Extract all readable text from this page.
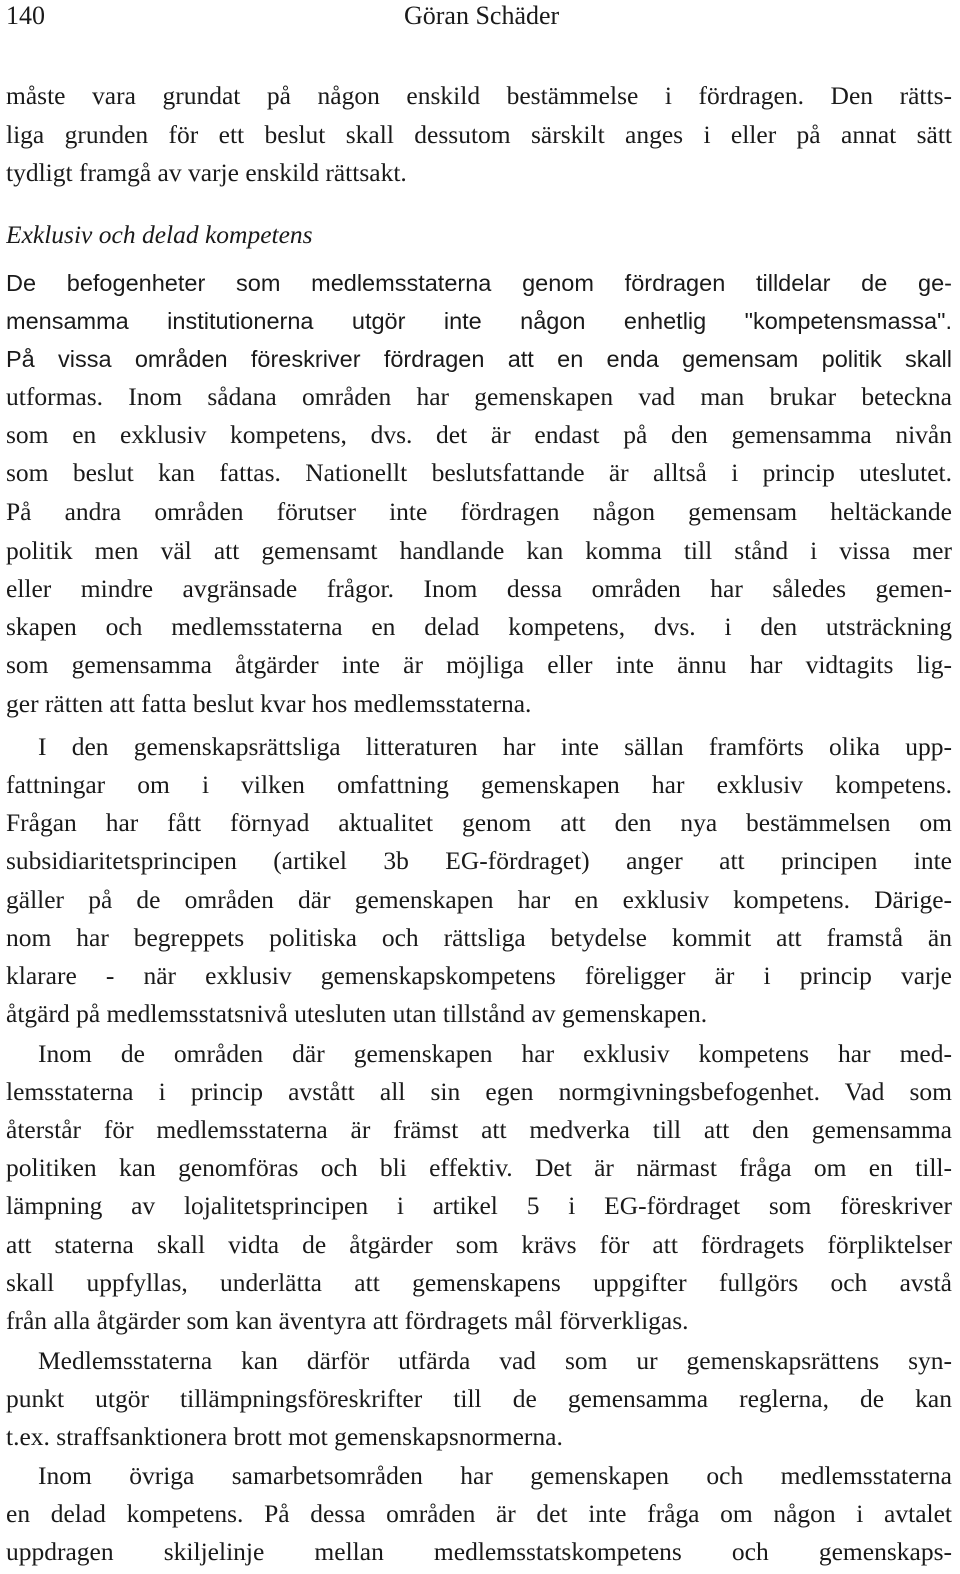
140	Göran Schäder
måste vara grundat på någon enskild bestämmelse i fördragen. Den rätts-
liga grunden för ett beslut skall dessutom särskilt anges i eller på annat sätt
tydligt framgå av varje enskild rättsakt.
Exklusiv och delad kompetens
De befogenheter som medlemsstaterna genom fördragen tilldelar de ge-
mensamma institutionerna utgör inte någon enhetlig "kompetensmassa".
På vissa områden föreskriver fördragen att en enda gemensam politik skall
utformas. Inom sådana områden har gemenskapen vad man brukar beteckna
som en exklusiv kompetens, dvs. det är endast på den gemensamma nivån
som beslut kan fattas. Nationellt beslutsfattande är alltså i princip uteslutet.
På andra områden förutser inte fördragen någon gemensam heltäckande
politik men väl att gemensamt handlande kan komma till stånd i vissa mer
eller mindre avgränsade frågor. Inom dessa områden har således gemen-
skapen och medlemsstaterna en delad kompetens, dvs. i den utsträckning
som gemensamma åtgärder inte är möjliga eller inte ännu har vidtagits lig-
ger rätten att fatta beslut kvar hos medlemsstaterna.
I den gemenskapsrättsliga litteraturen har inte sällan framförts olika upp-
fattningar om i vilken omfattning gemenskapen har exklusiv kompetens.
Frågan har fått förnyad aktualitet genom att den nya bestämmelsen om
subsidiaritetsprincipen (artikel 3b EG-fördraget) anger att principen inte
gäller på de områden där gemenskapen har en exklusiv kompetens. Därige-
nom har begreppets politiska och rättsliga betydelse kommit att framstå än
klarare - när exklusiv gemenskapskompetens föreligger är i princip varje
åtgärd på medlemsstatsnivå utesluten utan tillstånd av gemenskapen.
Inom de områden där gemenskapen har exklusiv kompetens har med-
lemsstaterna i princip avstått all sin egen normgivningsbefogenhet. Vad som
återstår för medlemsstaterna är främst att medverka till att den gemensamma
politiken kan genomföras och bli effektiv. Det är närmast fråga om en till-
lämpning av lojalitetsprincipen i artikel 5 i EG-fördraget som föreskriver
att staterna skall vidta de åtgärder som krävs för att fördragets förpliktelser
skall uppfyllas, underlätta att gemenskapens uppgifter fullgörs och avstå
från alla åtgärder som kan äventyra att fördragets mål förverkligas.
Medlemsstaterna kan därför utfärda vad som ur gemenskapsrättens syn-
punkt utgör tillämpningsföreskrifter till de gemensamma reglerna, de kan
t.ex. straffsanktionera brott mot gemenskapsnormerna.
Inom övriga samarbetsområden har gemenskapen och medlemsstaterna
en delad kompetens. På dessa områden är det inte fråga om någon i avtalet
uppdragen skiljelinje mellan medlemsstatskompetens och gemenskaps-
